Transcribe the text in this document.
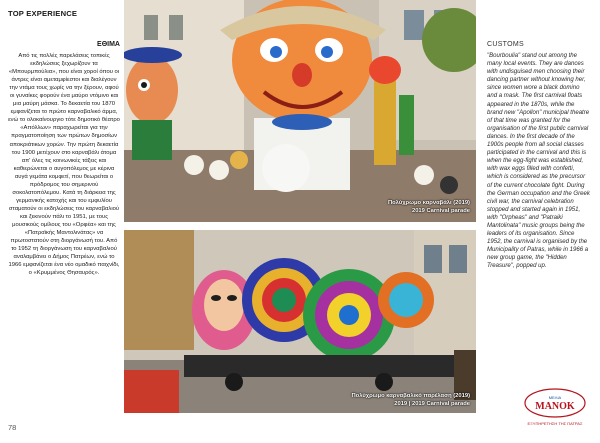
TOP EXPERIENCE
ΕΘΙΜΑ
Από τις πολλές παρελάσεις τοπικές εκδηλώσεις ξεχωρίζουν τα «Μπουρμπούλια», που είναι χοροί όπου οι άντρες είναι αμεταμφίεστοι και διαλέγουν την ντάμα τους χωρίς να την ξέρουν, αφού οι γυναίκες φορούν ένα μαύρο ντόμινο και μια μαύρη μάσκα. Το δεκαετία του 1870 εμφανίζεται το πρώτο καρναβαλικό άρμα, ενώ το ολοκαίνουργιο τότε δημοτικό θέατρο «Απόλλων» παραχωρείται για την πραγματοποίηση των πρώτων δημοσίων αποκριάτικων χορών. Την πρώτη δεκαετία του 1900 μετέχουν στο καρναβάλι άτομα απ' όλες τις κοινωνικές τάξεις και καθιερώνεται ο αυγοπόλεμος με κέρινα αυγά γεμάτα κομφετί, που θεωρείται ο πρόδρομος του σημερινού σοκολατοπόλεμου. Κατά τη διάρκεια της γερμανικής κατοχής και του εμφυλίου σταματούν οι εκδηλώσεις του καρναβαλιού και ξεκινούν πάλι το 1951, με τους μουσικούς ομίλους του «Ορφέα» και της «Πατραϊκής Μαντολινάτας» να πρωτοστατούν στη διοργάνωσή του. Από το 1952 τη διοργάνωση του καρναβαλιού αναλαμβάνει ο Δήμος Πατρέων, ενώ το 1966 εμφανίζεται ένα νέο ομαδικό παιχνίδι, ο «Κρυμμένος Θησαυρός».
Πολύχρωμο καρναβάλι (2019)
2019 Carnival parade
Πολύχρωμο καρναβαλικό παρέλαση (2019)
2019 | 2019 Carnival parade
CUSTOMS
"Bourboulia" stand out among the many local events. They are dances with undisguised men choosing their dancing partner without knowing her, since women wore a black domino and a mask. The first carnival floats appeared in the 1870s, while the brand new "Apollon" municipal theatre of that time was granted for the organisation of the first public carnival dances. In the first decade of the 1900s people from all social classes participated in the carnival and this is when the egg-fight was established, with wax eggs filled with confetti, which is considered as the precursor of the current chocolate fight. During the German occupation and the Greek civil war, the carnival celebration stopped and started again in 1951, with "Orpheas" and "Patraiki Mantolinata" music groups being the leaders of its organisation. Since 1952, the carnival is organised by the Municipality of Patras, while in 1966 a new group game, the "Hidden Treasure", popped up.
ΜΕΛΙΑ
MANOK
ΕΞΥΠΗΡΕΤΗΣΗ ΤΗΣ ΠΑΤΡΑΣ
78
